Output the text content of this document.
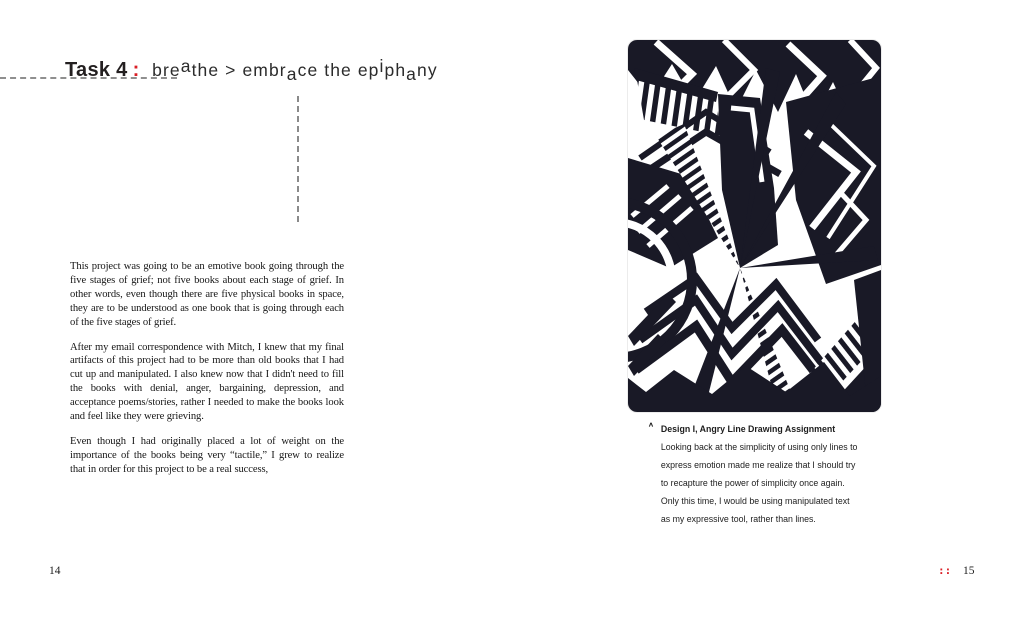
Task 4 : breathe > embrace the epiphany

This project was going to be an emotive book going through the five stages of grief; not five books about each stage of grief. In other words, even though there are five physical books in space, they are to be understood as one book that is going through each of the five stages of grief.

After my email correspondence with Mitch, I knew that my final artifacts of this project had to be more than old books that I had cut up and manipulated. I also knew now that I didn't need to fill the books with denial, anger, bargaining, depression, and acceptance poems/stories, rather I needed to make the books look and feel like they were grieving.

Even though I had originally placed a lot of weight on the importance of the books being very “tactile,” I grew to realize that in order for this project to be a real success,

14
∧ Design I, Angry Line Drawing Assignment Looking back at the simplicity of using only lines to express emotion made me realize that I should try to recapture the power of simplicity once again. Only this time, I would be using manipulated text as my expressive tool, rather than lines.
:: 15
